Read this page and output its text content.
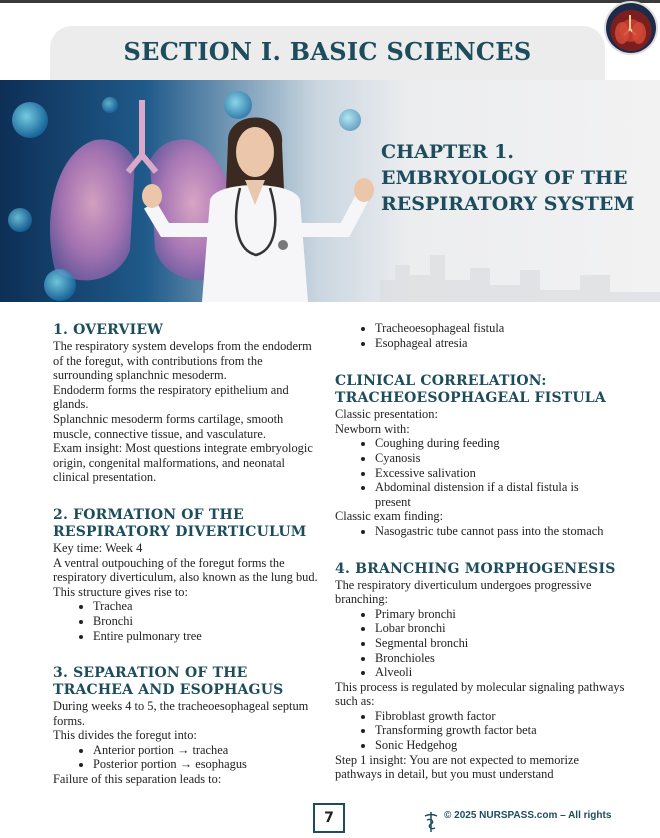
SECTION I. BASIC SCIENCES
CHAPTER 1. EMBRYOLOGY OF THE RESPIRATORY SYSTEM
1. OVERVIEW

The respiratory system develops from the endoderm of the foregut, with contributions from the surrounding splanchnic mesoderm.

Endoderm forms the respiratory epithelium and glands.

Splanchnic mesoderm forms cartilage, smooth muscle, connective tissue, and vasculature.

Exam insight: Most questions integrate embryologic origin, congenital malformations, and neonatal clinical presentation.

2. FORMATION OF THE RESPIRATORY DIVERTICULUM

Key time: Week 4

A ventral outpouching of the foregut forms the respiratory diverticulum, also known as the lung bud.

This structure gives rise to:

• Trachea
• Bronchi
• Entire pulmonary tree
3. SEPARATION OF THE TRACHEA AND ESOPHAGUS

During weeks 4 to 5, the tracheoesophageal septum forms.

This divides the foregut into:

• Anterior portion → trachea
• Posterior portion → esophagus

Failure of this separation leads to:

• Tracheoesophageal fistula
• Esophageal atresia
CLINICAL CORRELATION: TRACHEOESOPHAGEAL FISTULA

Classic presentation:

Newborn with:

• Coughing during feeding
• Cyanosis
• Excessive salivation
• Abdominal distension if a distal fistula is present

Classic exam finding:

• Nasogastric tube cannot pass into the stomach
4. BRANCHING MORPHOGENESIS

The respiratory diverticulum undergoes progressive branching:

• Primary bronchi
• Lobar bronchi
• Segmental bronchi
• Bronchioles
• Alveoli

This process is regulated by molecular signaling pathways such as:

• Fibroblast growth factor
• Transforming growth factor beta
• Sonic Hedgehog

Step 1 insight: You are not expected to memorize pathways in detail, but you must understand

7	© 2025 NURSPASS.com – All rights
